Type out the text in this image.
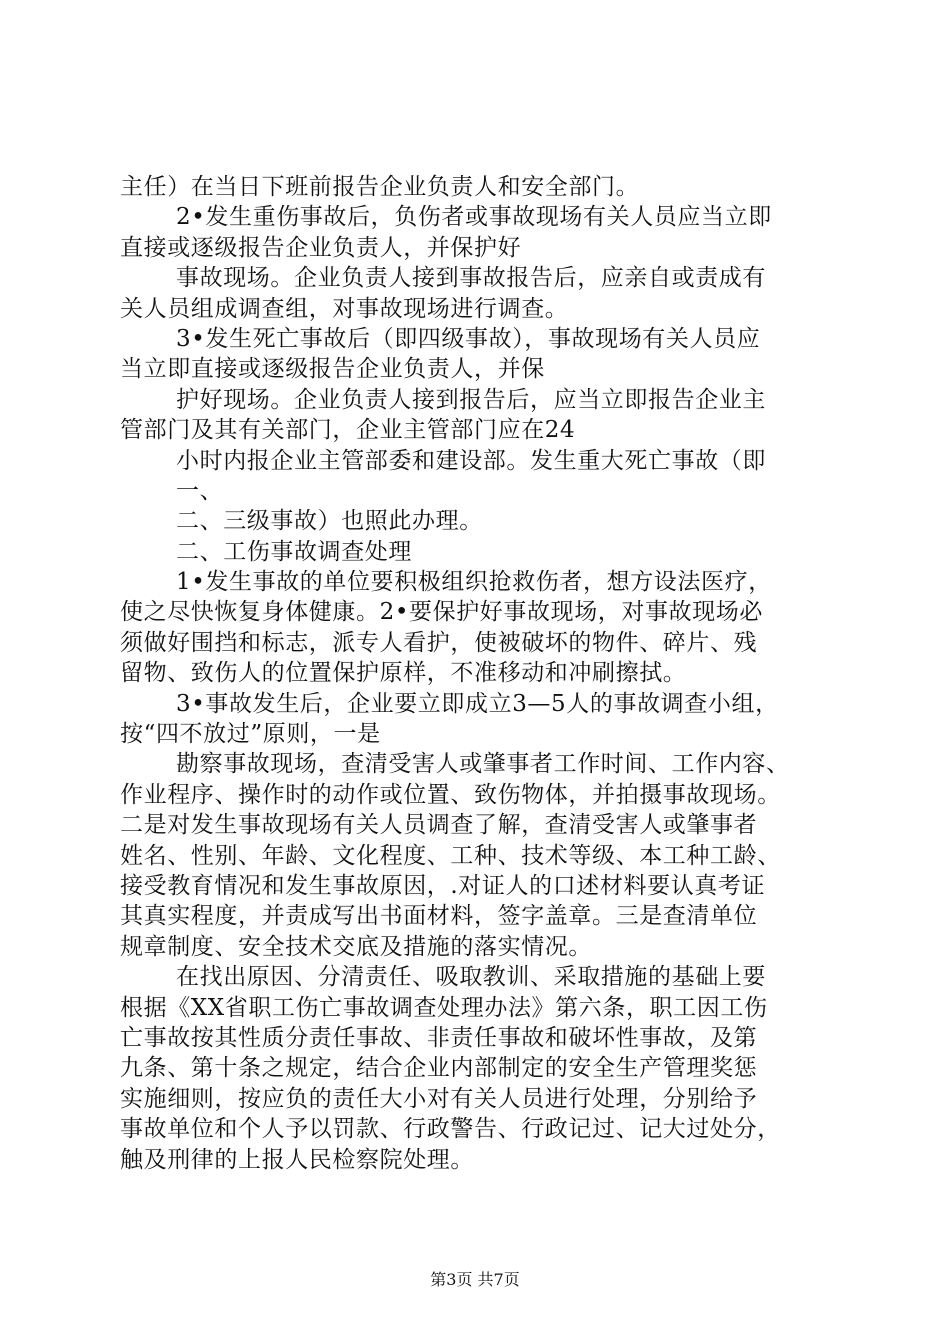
主任）在当日下班前报告企业负责人和安全部门。
2•发生重伤事故后，负伤者或事故现场有关人员应当立即
直接或逐级报告企业负责人，并保护好
事故现场。企业负责人接到事故报告后，应亲自或责成有
关人员组成调查组，对事故现场进行调查。
3•发生死亡事故后（即四级事故），事故现场有关人员应
当立即直接或逐级报告企业负责人，并保
护好现场。企业负责人接到报告后，应当立即报告企业主
管部门及其有关部门，企业主管部门应在24
小时内报企业主管部委和建设部。发生重大死亡事故（即
一、
二、三级事故）也照此办理。
二、工伤事故调查处理
1•发生事故的单位要积极组织抢救伤者，想方设法医疗，
使之尽快恢复身体健康。2•要保护好事故现场，对事故现场必
须做好围挡和标志，派专人看护，使被破坏的物件、碎片、残
留物、致伤人的位置保护原样，不准移动和冲刷擦拭。
3•事故发生后，企业要立即成立3—5人的事故调查小组，
按“四不放过”原则，一是
勘察事故现场，查清受害人或肇事者工作时间、工作内容、
作业程序、操作时的动作或位置、致伤物体，并拍摄事故现场。
二是对发生事故现场有关人员调查了解，查清受害人或肇事者
姓名、性别、年龄、文化程度、工种、技术等级、本工种工龄、
接受教育情况和发生事故原因，.对证人的口述材料要认真考证
其真实程度，并责成写出书面材料，签字盖章。三是查清单位
规章制度、安全技术交底及措施的落实情况。
在找出原因、分清责任、吸取教训、采取措施的基础上要
根据《XX省职工伤亡事故调查处理办法》第六条，职工因工伤
亡事故按其性质分责任事故、非责任事故和破坏性事故，及第
九条、第十条之规定，结合企业内部制定的安全生产管理奖惩
实施细则，按应负的责任大小对有关人员进行处理，分别给予
事故单位和个人予以罚款、行政警告、行政记过、记大过处分，
触及刑律的上报人民检察院处理。
第3页 共7页
